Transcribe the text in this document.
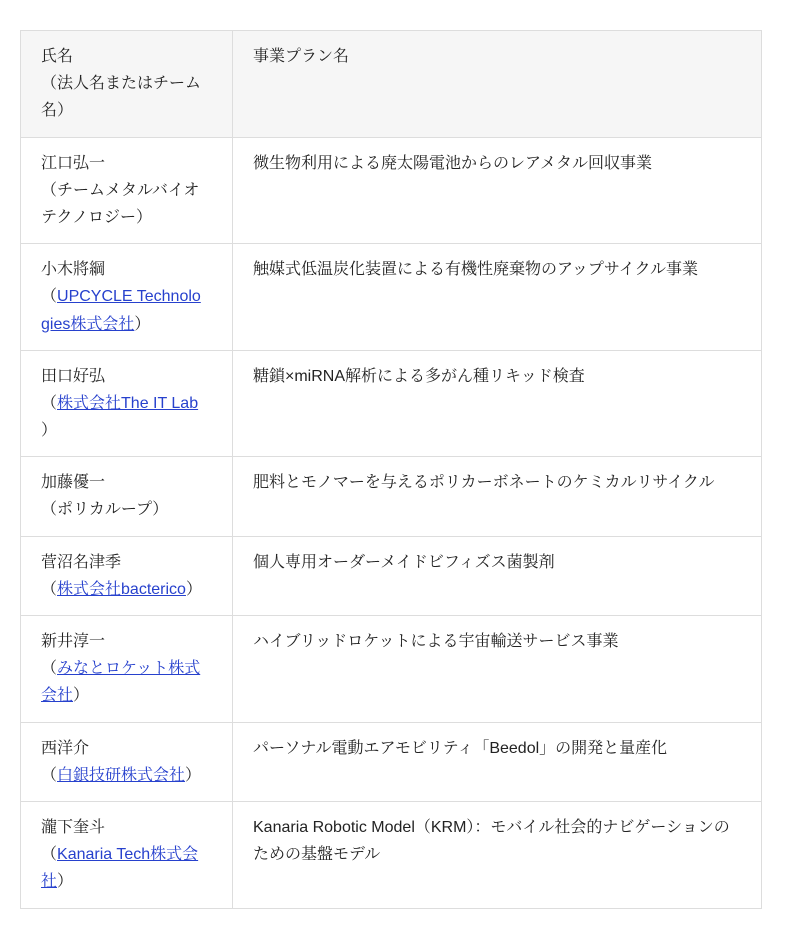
氏名
（法人名またはチーム名）	事業プラン名
江口弘一
（チームメタルバイオテクノロジー）	微生物利用による廃太陽電池からのレアメタル回収事業
小木將綱
（UPCYCLE Technologies株式会社）	触媒式低温炭化装置による有機性廃棄物のアップサイクル事業
田口好弘
（株式会社The IT Lab）	糖鎖×miRNA解析による多がん種リキッド検査
加藤優一
（ポリカループ）	肥料とモノマーを与えるポリカーボネートのケミカルリサイクル
菅沼名津季
（株式会社bacterico）	個人専用オーダーメイドビフィズス菌製剤
新井淳一
（みなとロケット株式会社）	ハイブリッドロケットによる宇宙輸送サービス事業
西洋介
（白銀技研株式会社）	パーソナル電動エアモビリティ「Beedol」の開発と量産化
瀧下奎斗
（Kanaria Tech株式会社）	Kanaria Robotic Model（KRM）：モバイル社会的ナビゲーションのための基盤モデル
